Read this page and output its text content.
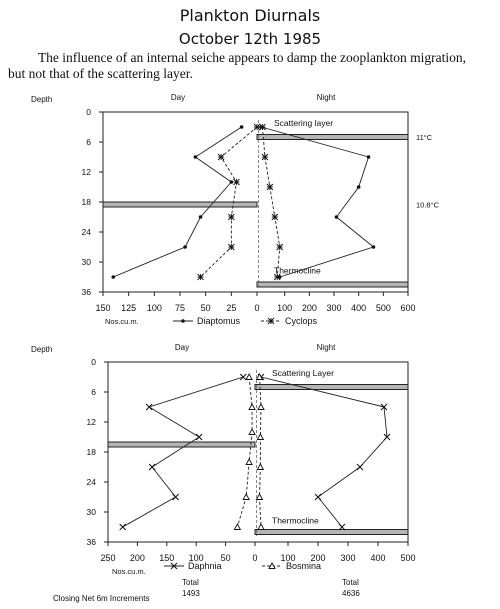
Plankton Diurnals
October 12th 1985
The influence of an internal seiche appears to damp the zooplankton migration,
but not that of the scattering layer.
Depth	Day	Night
0
6
12
18
24
30
36
150 125 100 75 50 25 0 100 200 300 400 500 600
Nos.cu.m.
Scattering layer
Thermocline
11°C
10.8°C
Diaptomus	Cyclops
Depth	Day	Night
0
6
12
18
24
30
36
250 200 150 100 50 0	100 200 300 400 500
Nos.cu.m.
Scattering Layer
Thermocline
Daphnia	Bosmina
Closing Net 6m Increments
Total
1493
Total
4636
